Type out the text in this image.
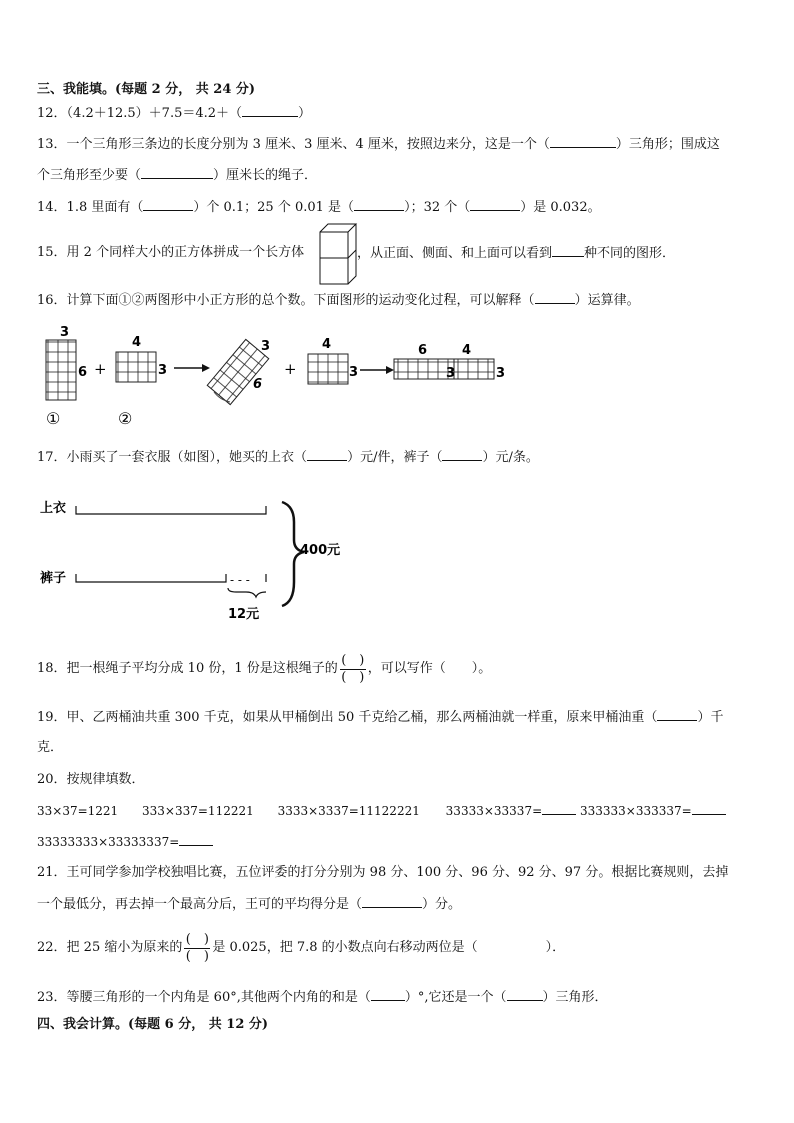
三、我能填。(每题 2 分， 共 24 分)
12．（4.2＋12.5）＋7.5＝4.2＋（	）
13．一个三角形三条边的长度分别为 3 厘米、3 厘米、4 厘米，按照边来分，这是一个（	）三角形；围成这
个三角形至少要（	）厘米长的绳子．
14．1.8 里面有（	）个 0.1；25 个 0.01 是（	）；32 个（	）是 0.032。
15．用 2 个同样大小的正方体拼成一个长方体	，从正面、侧面、和上面可以看到 种不同的图形．
16．计算下面①②两图形中小正方形的总个数。下面图形的运动变化过程，可以解释（	）运算律。
3
6
①
+
4
3
②
3
6
+
4
3
6	4
3	3
17．小雨买了一套衣服（如图），她买的上衣（	）元/件，裤子（	）元/条。
上衣
裤子	- - -
12元
400元
18． 把一根绳子平均分成 10 份，1 份是这根绳子的 $\frac{( )}{( )}$ ，可以写作（　　）。
19．甲、乙两桶油共重 300 千克，如果从甲桶倒出 50 千克给乙桶，那么两桶油就一样重，原来甲桶油重（	）千
克．
20．按规律填数．
33×37=1221 333×337=112221 3333×3337=11122221 33333×33337=	333333×333337=
33333333×33333337=
21．王可同学参加学校独唱比赛，五位评委的打分分别为 98 分、100 分、96 分、92 分、97 分。根据比赛规则，去掉
一个最低分，再去掉一个最高分后，王可的平均得分是（	）分。
22． 把 25 缩小为原来的 $\frac{( )}{( )}$ 是 0.025，把 7.8 的小数点向右移动两位是（	）．
23．等腰三角形的一个内角是 60°,其他两个内角的和是（	）°,它还是一个（	）三角形．
四、我会计算。(每题 6 分， 共 12 分)
